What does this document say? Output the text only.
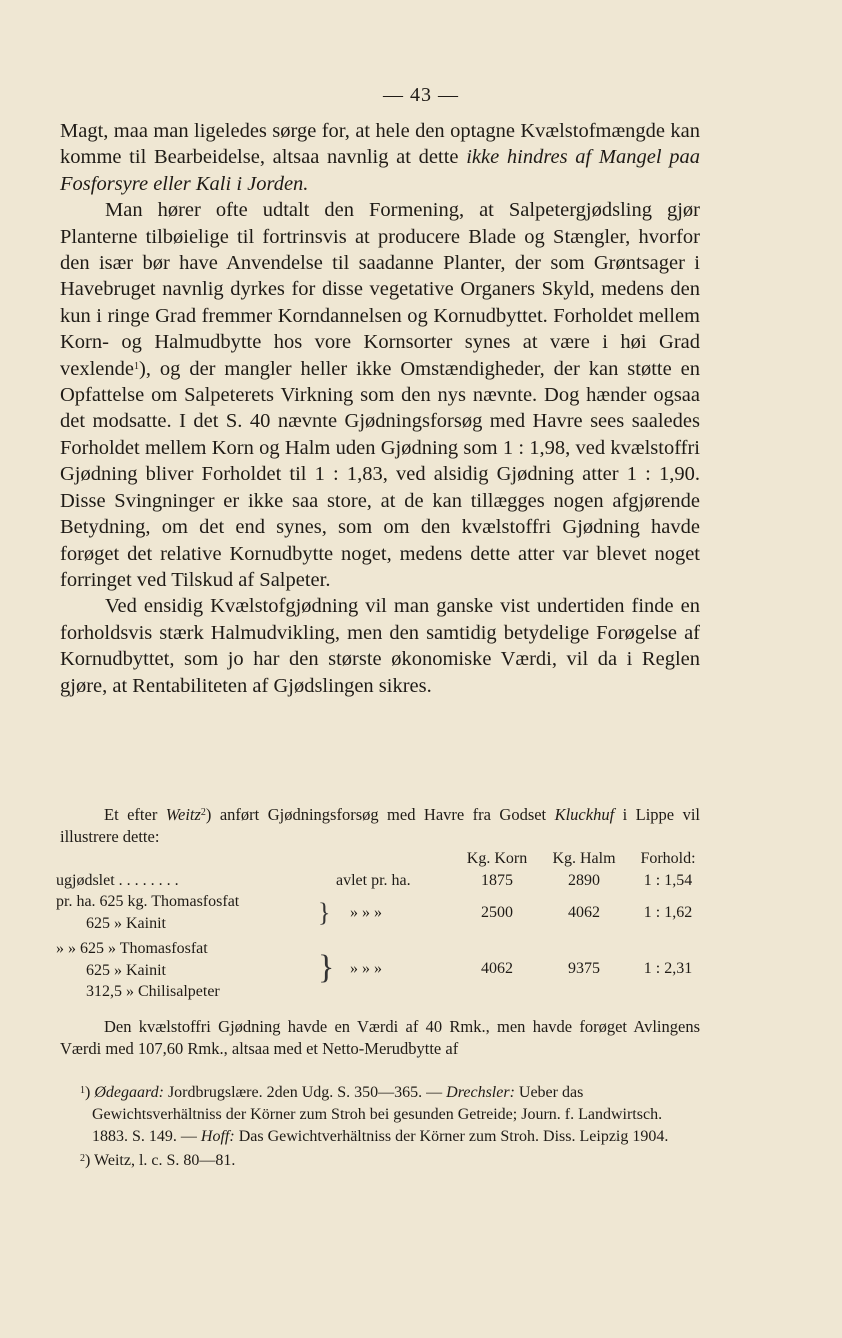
— 43 —

Magt, maa man ligeledes sørge for, at hele den optagne Kvælstofmængde kan komme til Bearbeidelse, altsaa navnlig at dette ikke hindres af Mangel paa Fosforsyre eller Kali i Jorden.

Man hører ofte udtalt den Formening, at Salpetergjødsling gjør Planterne tilbøielige til fortrinsvis at producere Blade og Stængler, hvorfor den især bør have Anvendelse til saadanne Planter, der som Grøntsager i Havebruget navnlig dyrkes for disse vegetative Organers Skyld, medens den kun i ringe Grad fremmer Korndannelsen og Kornudbyttet. Forholdet mellem Korn- og Halmudbytte hos vore Kornsorter synes at være i høi Grad vexlende$^1$), og der mangler heller ikke Omstændigheder, der kan støtte en Opfattelse om Salpeterets Virkning som den nys nævnte. Dog hænder ogsaa det modsatte. I det S. 40 nævnte Gjødningsforsøg med Havre sees saaledes Forholdet mellem Korn og Halm uden Gjødning som 1 : 1,98, ved kvælstoffri Gjødning bliver Forholdet til 1 : 1,83, ved alsidig Gjødning atter 1 : 1,90. Disse Svingninger er ikke saa store, at de kan tillægges nogen afgjørende Betydning, om det end synes, som om den kvælstoffri Gjødning havde forøget det relative Kornudbytte noget, medens dette atter var blevet noget forringet ved Tilskud af Salpeter.

Ved ensidig Kvælstofgjødning vil man ganske vist undertiden finde en forholdsvis stærk Halmudvikling, men den samtidig betydelige Forøgelse af Kornudbyttet, som jo har den største økonomiske Værdi, vil da i Reglen gjøre, at Rentabiliteten af Gjødslingen sikres.

Et efter Weitz$^2$) anført Gjødningsforsøg med Havre fra Godset Kluckhuf i Lippe vil illustrere dette:
			Kg. Korn	Kg. Halm	Forhold:
ugjødslet . . . . . . . .		avlet pr. ha.	1875	2890	1 : 1,54

pr. ha. 625 kg. Thomasfosfat
625 » Kainit	}	» » »	2500	4062	1 : 1,62

» » 625 » Thomasfosfat
625 » Kainit
312,5 » Chilisalpeter	}	» » »	4062	9375	1 : 2,31
Den kvælstoffri Gjødning havde en Værdi af 40 Rmk., men havde forøget Avlingens Værdi med 107,60 Rmk., altsaa med et Netto-Merudbytte af

$^1$) Ødegaard: Jordbrugslære. 2den Udg. S. 350—365. — Drechsler: Ueber das Gewichtsverhältniss der Körner zum Stroh bei gesunden Getreide; Journ. f. Landwirtsch. 1883. S. 149. — Hoff: Das Gewichtverhältniss der Körner zum Stroh. Diss. Leipzig 1904.

$^2$) Weitz, l. c. S. 80—81.
